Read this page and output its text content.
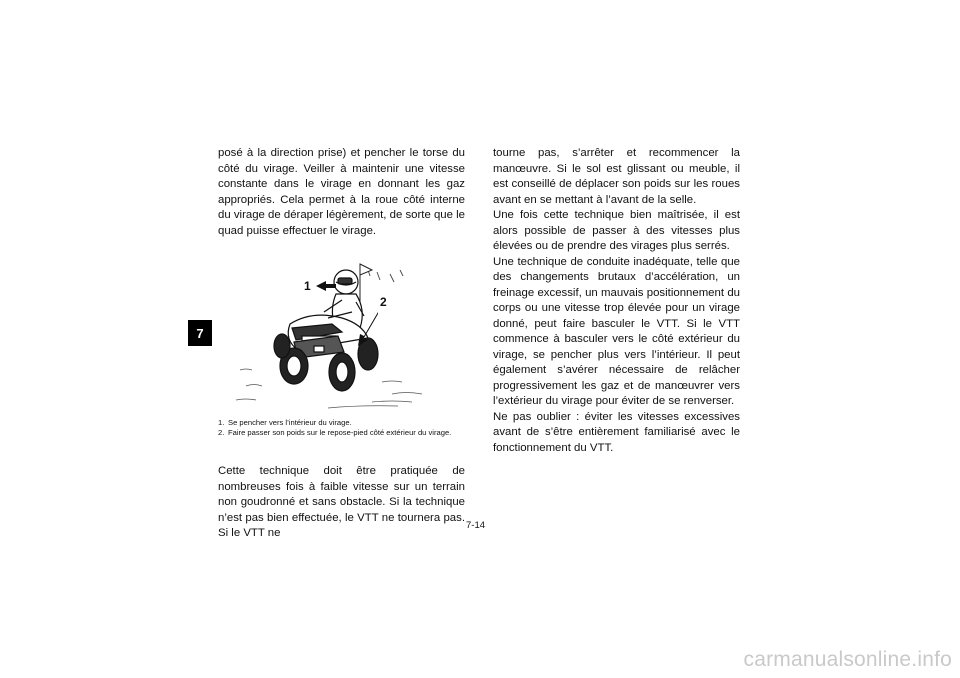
7

posé à la direction prise) et pencher le torse du côté du virage. Veiller à maintenir une vitesse constante dans le virage en donnant les gaz appropriés. Cela permet à la roue côté interne du virage de déraper légèrement, de sorte que le quad puisse effectuer le virage.

1
2
1. Se pencher vers l’intérieur du virage.
2. Faire passer son poids sur le repose-pied côté extérieur du virage.

Cette technique doit être pratiquée de nombreuses fois à faible vitesse sur un terrain non goudronné et sans obstacle. Si la technique n’est pas bien effectuée, le VTT ne tournera pas. Si le VTT ne

tourne pas, s’arrêter et recommencer la manœuvre. Si le sol est glissant ou meuble, il est conseillé de déplacer son poids sur les roues avant en se mettant à l’avant de la selle.

Une fois cette technique bien maîtrisée, il est alors possible de passer à des vitesses plus élevées ou de prendre des virages plus serrés.

Une technique de conduite inadéquate, telle que des changements brutaux d’accélération, un freinage excessif, un mauvais positionnement du corps ou une vitesse trop élevée pour un virage donné, peut faire basculer le VTT. Si le VTT commence à basculer vers le côté extérieur du virage, se pencher plus vers l’intérieur. Il peut également s’avérer nécessaire de relâcher progressivement les gaz et de manœuvrer vers l’extérieur du virage pour éviter de se renverser.

Ne pas oublier : éviter les vitesses excessives avant de s’être entièrement familiarisé avec le fonctionnement du VTT.

7-14
carmanualsonline.info
